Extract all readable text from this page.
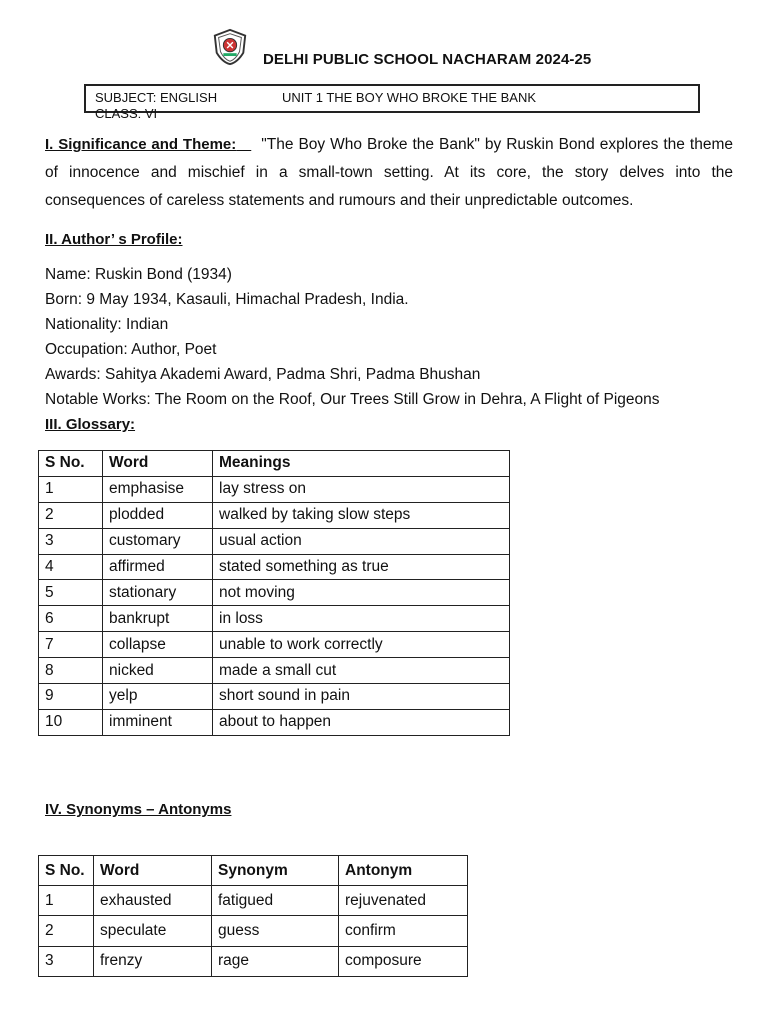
DELHI PUBLIC SCHOOL NACHARAM 2024-25
SUBJECT: ENGLISH	UNIT 1 THE BOY WHO BROKE THE BANK
CLASS: VI
I. Significance and Theme: "The Boy Who Broke the Bank" by Ruskin Bond explores the theme of innocence and mischief in a small-town setting. At its core, the story delves into the consequences of careless statements and rumours and their unpredictable outcomes.
II. Author’ s Profile:
Name: Ruskin Bond (1934)
Born: 9 May 1934, Kasauli, Himachal Pradesh, India.
Nationality: Indian
Occupation: Author, Poet
Awards: Sahitya Akademi Award, Padma Shri, Padma Bhushan
Notable Works: The Room on the Roof, Our Trees Still Grow in Dehra, A Flight of Pigeons
III. Glossary:
S No.	Word	Meanings
1	emphasise	lay stress on
2	plodded	walked by taking slow steps
3	customary	usual action
4	affirmed	stated something as true
5	stationary	not moving
6	bankrupt	in loss
7	collapse	unable to work correctly
8	nicked	made a small cut
9	yelp	short sound in pain
10	imminent	about to happen
IV. Synonyms – Antonyms
S No.	Word	Synonym	Antonym
1	exhausted	fatigued	rejuvenated
2	speculate	guess	confirm
3	frenzy	rage	composure
